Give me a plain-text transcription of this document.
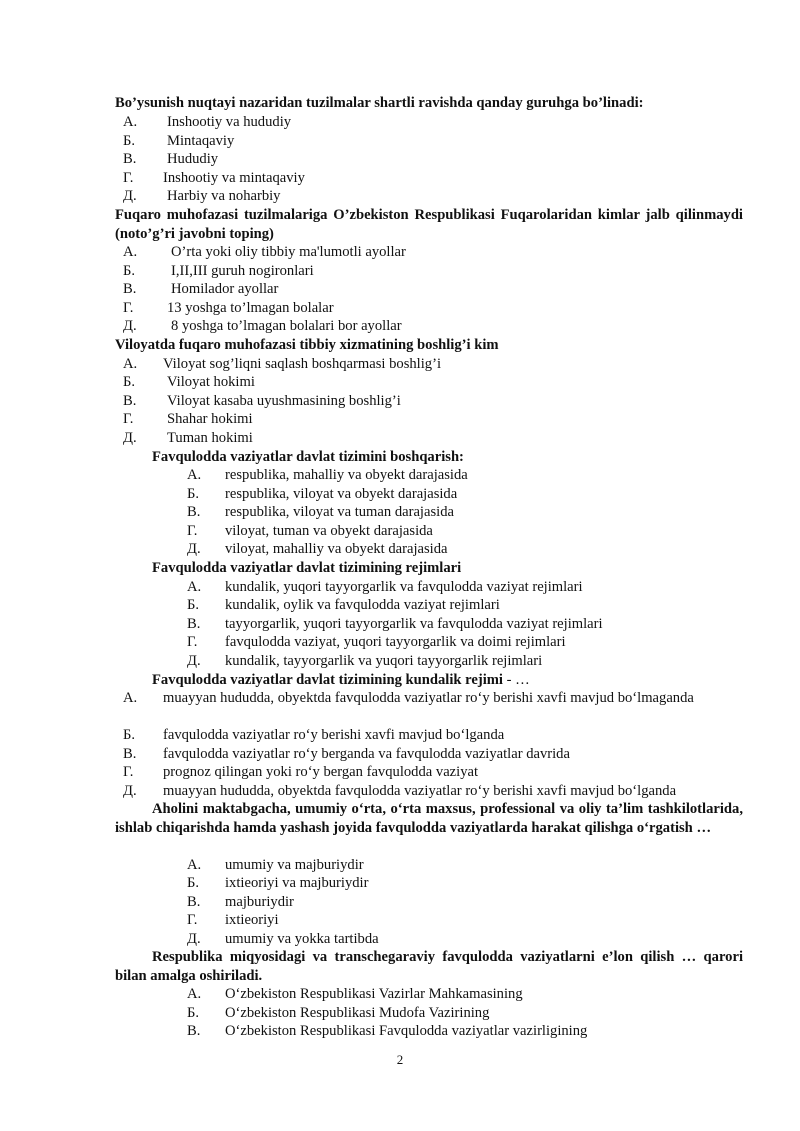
Bo’ysunish nuqtayi nazaridan tuzilmalar shartli ravishda qanday guruhga bo’linadi:
А. Inshootiy va hududiy
Б. Mintaqaviy
В. Hududiy
Г. Inshootiy va mintaqaviy
Д. Harbiy va noharbiy
Fuqaro muhofazasi tuzilmalariga O’zbekiston Respublikasi Fuqarolaridan kimlar jalb qilinmaydi (noto’g’ri javobni toping)
А. O’rta yoki oliy tibbiy ma'lumotli ayollar
Б. I,II,III guruh nogironlari
В. Homilador ayollar
Г. 13 yoshga to’lmagan bolalar
Д. 8 yoshga to’lmagan bolalari bor ayollar
Viloyatda fuqaro muhofazasi tibbiy xizmatining boshlig’i kim
A. Viloyat sog’liqni saqlash boshqarmasi boshlig’i
Б. Viloyat hokimi
В. Viloyat kasaba uyushmasining boshlig’i
Г. Shahar hokimi
Д. Tuman hokimi
Favqulodda vaziyatlar davlat tizimini boshqarish:
А. respublika, mahalliy va obyekt darajasida
Б. respublika, viloyat va obyekt darajasida
В. respublika, viloyat va tuman darajasida
Г. viloyat, tuman va obyekt darajasida
Д. viloyat, mahalliy va obyekt darajasida
Favqulodda vaziyatlar davlat tizimining rejimlari
А. kundalik, yuqori tayyorgarlik va favqulodda vaziyat rejimlari
Б. kundalik, oylik va favqulodda vaziyat rejimlari
В. tayyorgarlik, yuqori tayyorgarlik va favqulodda vaziyat rejimlari
Г. favqulodda vaziyat, yuqori tayyorgarlik va doimi rejimlari
Д. kundalik, tayyorgarlik va yuqori tayyorgarlik rejimlari
Favqulodda vaziyatlar davlat tizimining kundalik rejimi - …
А. muayyan hududda, obyektda favqulodda vaziyatlar ro‘y berishi xavfi mavjud bo‘lmaganda
Б. favqulodda vaziyatlar ro‘y berishi xavfi mavjud bo‘lganda
В. favqulodda vaziyatlar ro‘y berganda va favqulodda vaziyatlar davrida
Г. prognoz qilingan yoki ro‘y bergan favqulodda vaziyat
Д. muayyan hududda, obyektda favqulodda vaziyatlar ro‘y berishi xavfi mavjud bo‘lganda
Aholini maktabgacha, umumiy o‘rta, o‘rta maxsus, professional va oliy ta’lim tashkilotlarida, ishlab chiqarishda hamda yashash joyida favqulodda vaziyatlarda harakat qilishga o‘rgatish …
А. umumiy va majburiydir
Б. ixtieoriyi va majburiydir
В. majburiydir
Г. ixtieoriyi
Д. umumiy va yokka tartibda
Respublika miqyosidagi va transchegaraviy favqulodda vaziyatlarni e’lon qilish … qarori bilan amalga oshiriladi.
А. O‘zbekiston Respublikasi Vazirlar Mahkamasining
Б. O‘zbekiston Respublikasi Mudofa Vazirining
В. O‘zbekiston Respublikasi Favqulodda vaziyatlar vazirligining
2
